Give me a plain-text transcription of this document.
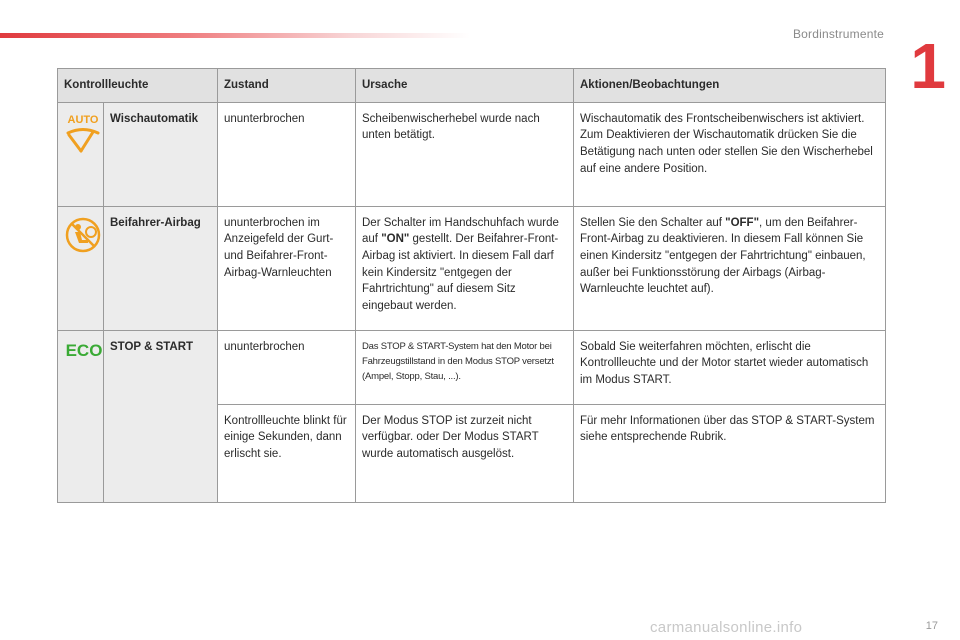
Bordinstrumente 1
Kontrollleuchte		Zustand	Ursache	Aktionen/Beobachtungen

AUTO	Wischautomatik	ununterbrochen	Scheibenwischerhebel wurde nach unten betätigt.	Wischautomatik des Frontscheibenwischers ist aktiviert. Zum Deaktivieren der Wischautomatik drücken Sie die Betätigung nach unten oder stellen Sie den Wischerhebel auf eine andere Position.

	Beifahrer-Airbag	ununterbrochen im Anzeigefeld der Gurt- und Beifahrer-Front-Airbag-Warnleuchten	Der Schalter im Handschuhfach wurde auf "ON" gestellt. Der Beifahrer-Front-Airbag ist aktiviert. In diesem Fall darf kein Kindersitz "entgegen der Fahrtrichtung" auf diesem Sitz eingebaut werden.	Stellen Sie den Schalter auf "OFF", um den Beifahrer-Front-Airbag zu deaktivieren. In diesem Fall können Sie einen Kindersitz "entgegen der Fahrtrichtung" einbauen, außer bei Funktionsstörung der Airbags (Airbag-Warnleuchte leuchtet auf).

ECO	STOP & START	ununterbrochen	Das STOP & START-System hat den Motor bei Fahrzeugstillstand in den Modus STOP versetzt (Ampel, Stopp, Stau, ...).	Sobald Sie weiterfahren möchten, erlischt die Kontrollleuchte und der Motor startet wieder automatisch im Modus START.
		Kontrollleuchte blinkt für einige Sekunden, dann erlischt sie.	Der Modus STOP ist zurzeit nicht verfügbar. oder Der Modus START wurde automatisch ausgelöst.	Für mehr Informationen über das STOP & START-System siehe entsprechende Rubrik.
carmanualsonline.info	17
